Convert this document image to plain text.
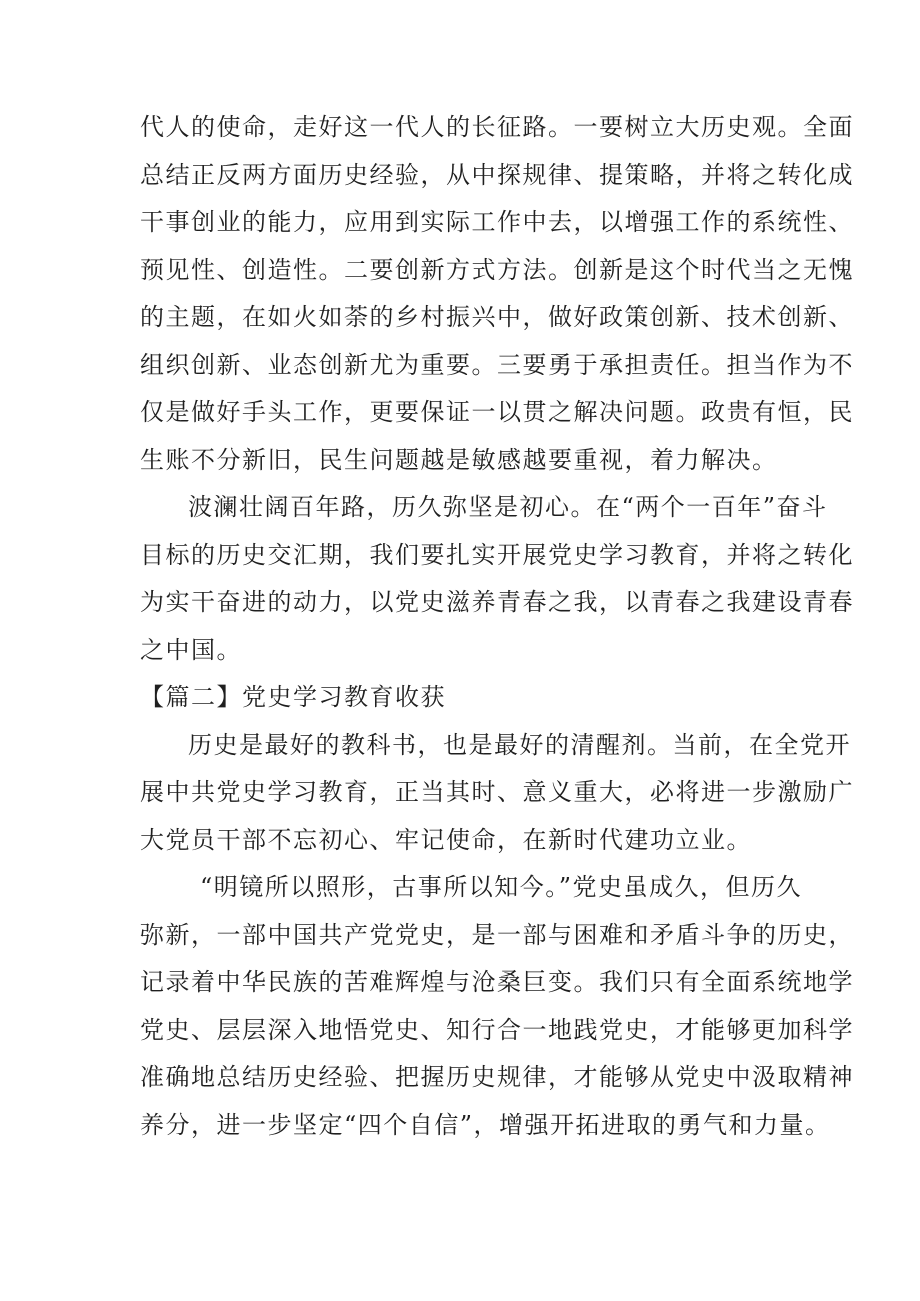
代人的使命，走好这一代人的长征路。一要树立大历史观。全面
总结正反两方面历史经验，从中探规律、提策略，并将之转化成
干事创业的能力，应用到实际工作中去，以增强工作的系统性、
预见性、创造性。二要创新方式方法。创新是这个时代当之无愧
的主题，在如火如荼的乡村振兴中，做好政策创新、技术创新、
组织创新、业态创新尤为重要。三要勇于承担责任。担当作为不
仅是做好手头工作，更要保证一以贯之解决问题。政贵有恒，民
生账不分新旧，民生问题越是敏感越要重视，着力解决。
波澜壮阔百年路，历久弥坚是初心。在“两个一百年”奋斗
目标的历史交汇期，我们要扎实开展党史学习教育，并将之转化
为实干奋进的动力，以党史滋养青春之我，以青春之我建设青春
之中国。
【篇二】党史学习教育收获
历史是最好的教科书，也是最好的清醒剂。当前，在全党开
展中共党史学习教育，正当其时、意义重大，必将进一步激励广
大党员干部不忘初心、牢记使命，在新时代建功立业。
“明镜所以照形，古事所以知今。”党史虽成久，但历久
弥新，一部中国共产党党史，是一部与困难和矛盾斗争的历史，
记录着中华民族的苦难辉煌与沧桑巨变。我们只有全面系统地学
党史、层层深入地悟党史、知行合一地践党史，才能够更加科学
准确地总结历史经验、把握历史规律，才能够从党史中汲取精神
养分，进一步坚定“四个自信”，增强开拓进取的勇气和力量。
